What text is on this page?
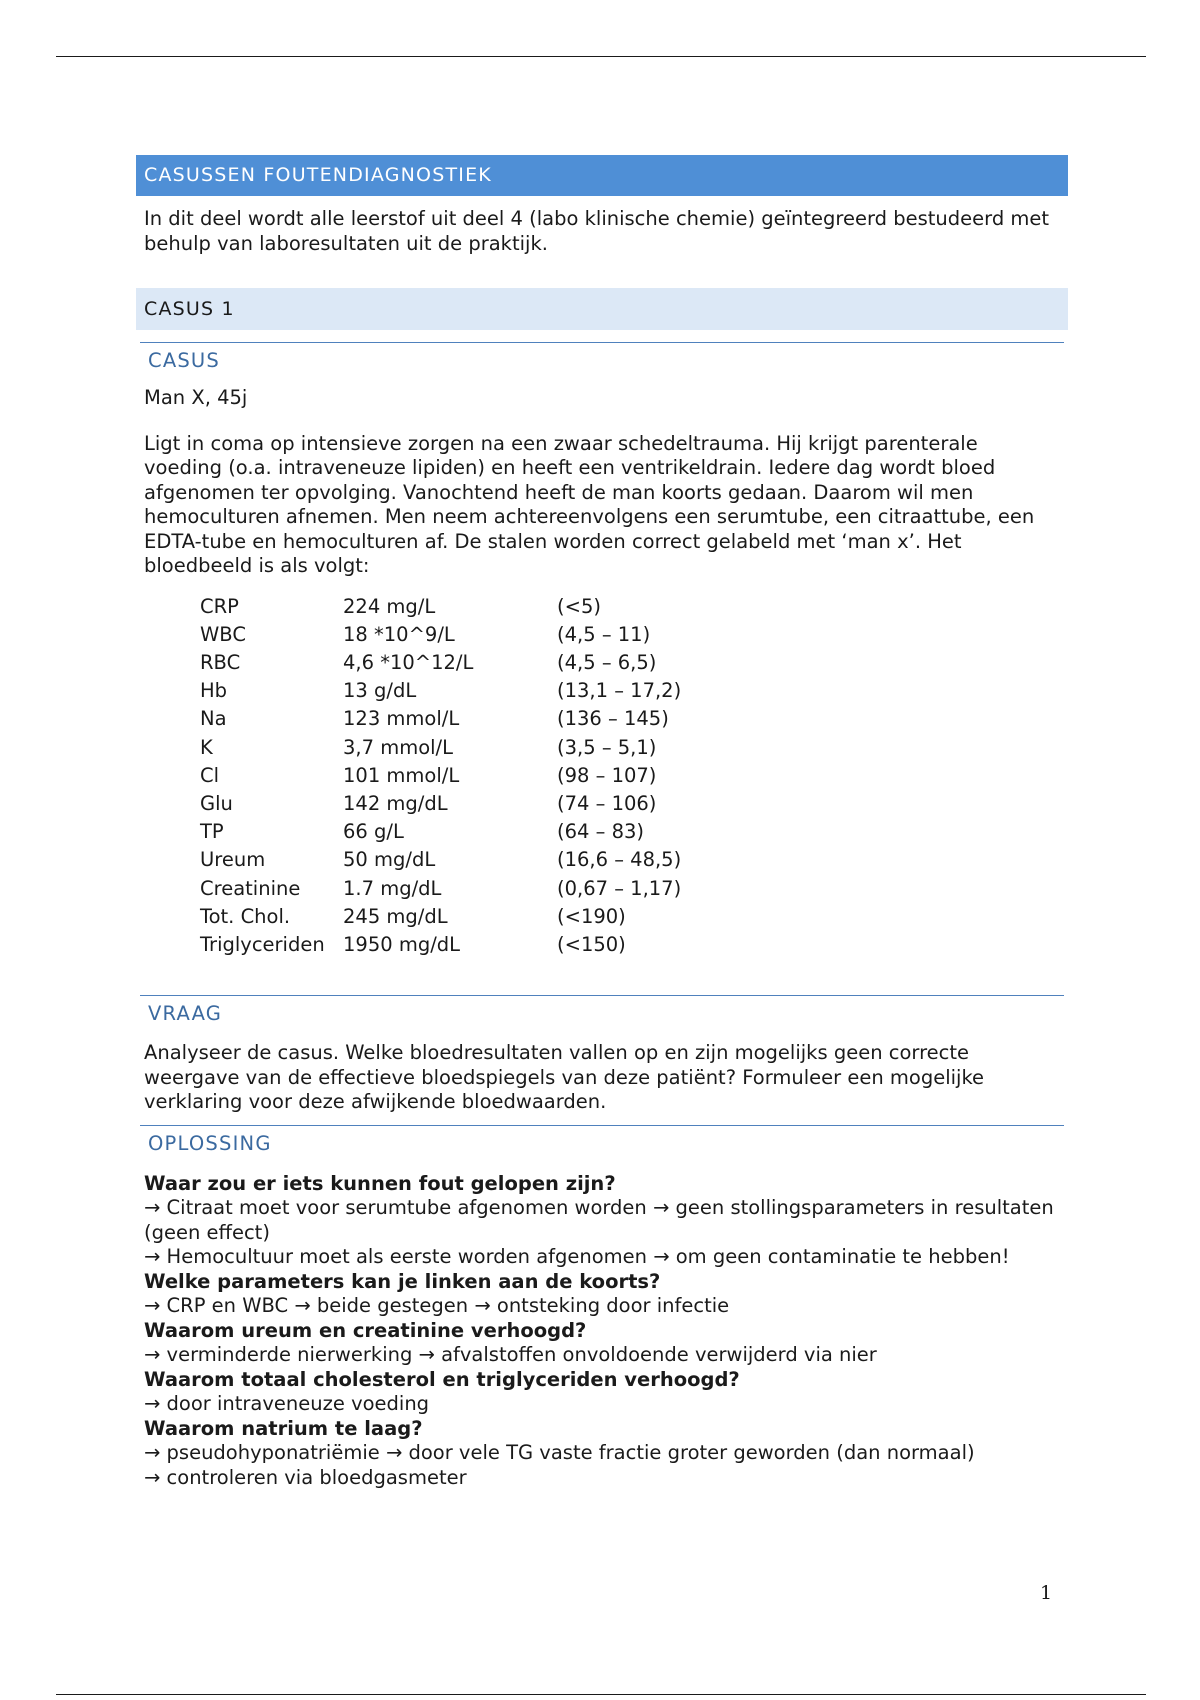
CASUSSEN FOUTENDIAGNOSTIEK

In dit deel wordt alle leerstof uit deel 4 (labo klinische chemie) geïntegreerd bestudeerd met behulp van laboresultaten uit de praktijk.

CASUS 1
CASUS

Man X, 45j

Ligt in coma op intensieve zorgen na een zwaar schedeltrauma. Hij krijgt parenterale voeding (o.a. intraveneuze lipiden) en heeft een ventrikeldrain. Iedere dag wordt bloed afgenomen ter opvolging. Vanochtend heeft de man koorts gedaan. Daarom wil men hemoculturen afnemen. Men neem achtereenvolgens een serumtube, een citraattube, een EDTA-tube en hemoculturen af. De stalen worden correct gelabeld met ‘man x’. Het bloedbeeld is als volgt:

CRP	224 mg/L	(<5)
WBC	18 *10^9/L	(4,5 – 11)
RBC	4,6 *10^12/L	(4,5 – 6,5)
Hb	13 g/dL	(13,1 – 17,2)
Na	123 mmol/L	(136 – 145)
K	3,7 mmol/L	(3,5 – 5,1)
Cl	101 mmol/L	(98 – 107)
Glu	142 mg/dL	(74 – 106)
TP	66 g/L	(64 – 83)
Ureum	50 mg/dL	(16,6 – 48,5)
Creatinine	1.7 mg/dL	(0,67 – 1,17)
Tot. Chol.	245 mg/dL	(<190)
Triglyceriden	1950 mg/dL	(<150)
VRAAG

Analyseer de casus. Welke bloedresultaten vallen op en zijn mogelijks geen correcte weergave van de effectieve bloedspiegels van deze patiënt? Formuleer een mogelijke verklaring voor deze afwijkende bloedwaarden.

OPLOSSING
Waar zou er iets kunnen fout gelopen zijn?
→ Citraat moet voor serumtube afgenomen worden → geen stollingsparameters in resultaten (geen effect)
→ Hemocultuur moet als eerste worden afgenomen → om geen contaminatie te hebben!
Welke parameters kan je linken aan de koorts?
→ CRP en WBC → beide gestegen → ontsteking door infectie
Waarom ureum en creatinine verhoogd?
→ verminderde nierwerking → afvalstoffen onvoldoende verwijderd via nier
Waarom totaal cholesterol en triglyceriden verhoogd?
→ door intraveneuze voeding
Waarom natrium te laag?
→ pseudohyponatriëmie → door vele TG vaste fractie groter geworden (dan normaal)
→ controleren via bloedgasmeter
1
